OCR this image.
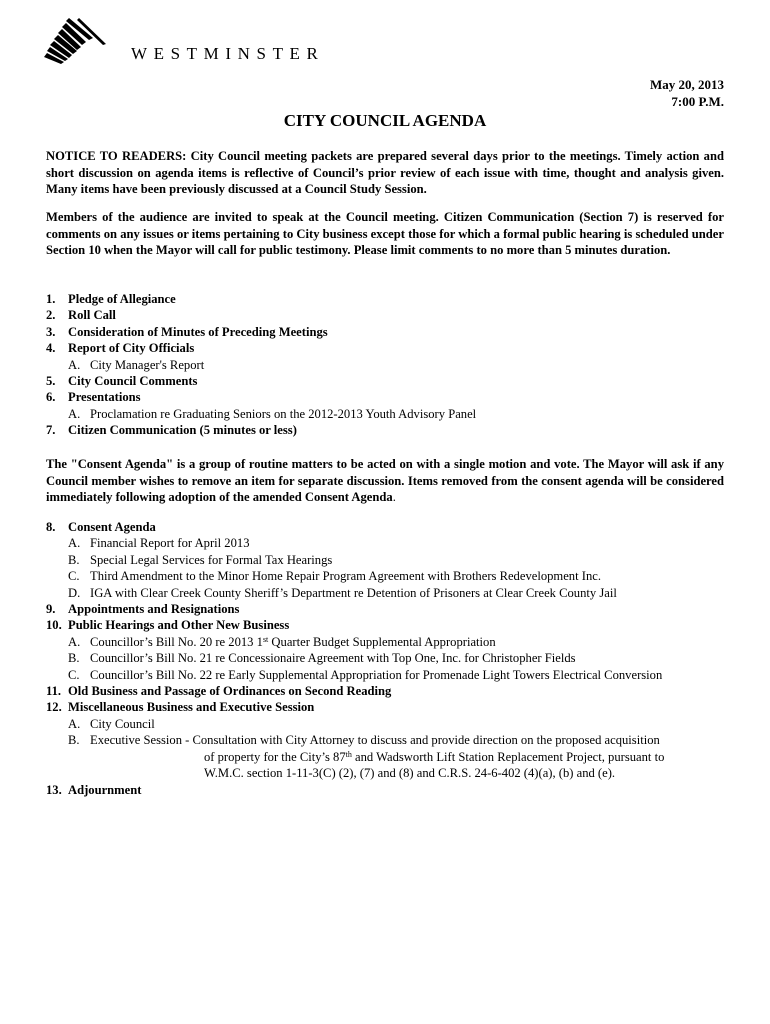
WESTMINSTER
May 20, 2013
7:00 P.M.
CITY COUNCIL AGENDA

NOTICE TO READERS: City Council meeting packets are prepared several days prior to the meetings. Timely action and short discussion on agenda items is reflective of Council’s prior review of each issue with time, thought and analysis given. Many items have been previously discussed at a Council Study Session.

Members of the audience are invited to speak at the Council meeting. Citizen Communication (Section 7) is reserved for comments on any issues or items pertaining to City business except those for which a formal public hearing is scheduled under Section 10 when the Mayor will call for public testimony. Please limit comments to no more than 5 minutes duration.

1. Pledge of Allegiance
2. Roll Call
3. Consideration of Minutes of Preceding Meetings
4. Report of City Officials
A. City Manager's Report
5. City Council Comments
6. Presentations
A. Proclamation re Graduating Seniors on the 2012-2013 Youth Advisory Panel
7. Citizen Communication (5 minutes or less)

The "Consent Agenda" is a group of routine matters to be acted on with a single motion and vote. The Mayor will ask if any Council member wishes to remove an item for separate discussion. Items removed from the consent agenda will be considered immediately following adoption of the amended Consent Agenda.

8. Consent Agenda
A. Financial Report for April 2013
B. Special Legal Services for Formal Tax Hearings
C. Third Amendment to the Minor Home Repair Program Agreement with Brothers Redevelopment Inc.
D. IGA with Clear Creek County Sheriff’s Department re Detention of Prisoners at Clear Creek County Jail
9. Appointments and Resignations
10. Public Hearings and Other New Business
A. Councillor’s Bill No. 20 re 2013 1st Quarter Budget Supplemental Appropriation
B. Councillor’s Bill No. 21 re Concessionaire Agreement with Top One, Inc. for Christopher Fields
C. Councillor’s Bill No. 22 re Early Supplemental Appropriation for Promenade Light Towers Electrical Conversion
11. Old Business and Passage of Ordinances on Second Reading
12. Miscellaneous Business and Executive Session
A. City Council
B. Executive Session - Consultation with City Attorney to discuss and provide direction on the proposed acquisition
of property for the City’s 87th and Wadsworth Lift Station Replacement Project, pursuant to
W.M.C. section 1-11-3(C) (2), (7) and (8) and C.R.S. 24-6-402 (4)(a), (b) and (e).
13. Adjournment
